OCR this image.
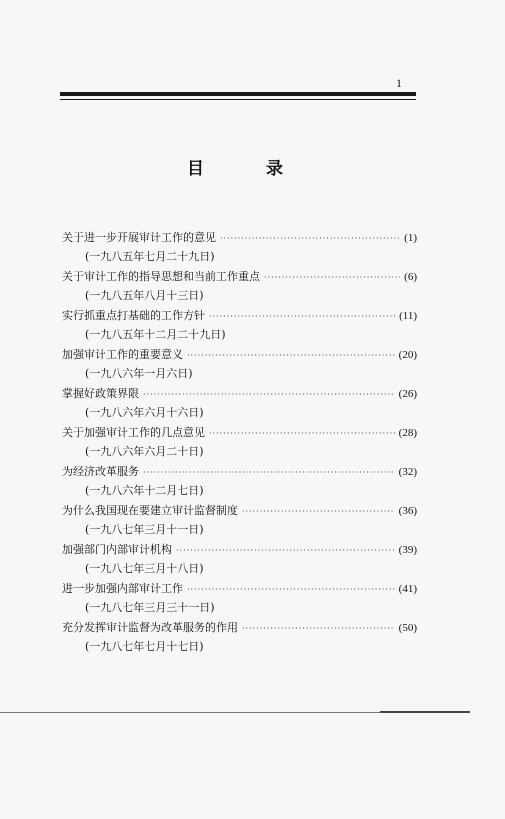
1
目 录
关于进一步开展审计工作的意见 ·····	(1)
(一九八五年七月二十九日)
关于审计工作的指导思想和当前工作重点 ·····	(6)
(一九八五年八月十三日)
实行抓重点打基础的工作方针 ·····	(11)
(一九八五年十二月二十九日)
加强审计工作的重要意义 ·····	(20)
(一九八六年一月六日)
掌握好政策界限 ·····	(26)
(一九八六年六月十六日)
关于加强审计工作的几点意见 ·····	(28)
(一九八六年六月二十日)
为经济改革服务 ·····	(32)
(一九八六年十二月七日)
为什么我国现在要建立审计监督制度 ·····	(36)
(一九八七年三月十一日)
加强部门内部审计机构 ·····	(39)
(一九八七年三月十八日)
进一步加强内部审计工作 ·····	(41)
(一九八七年三月三十一日)
充分发挥审计监督为改革服务的作用 ·····	(50)
(一九八七年七月十七日)
